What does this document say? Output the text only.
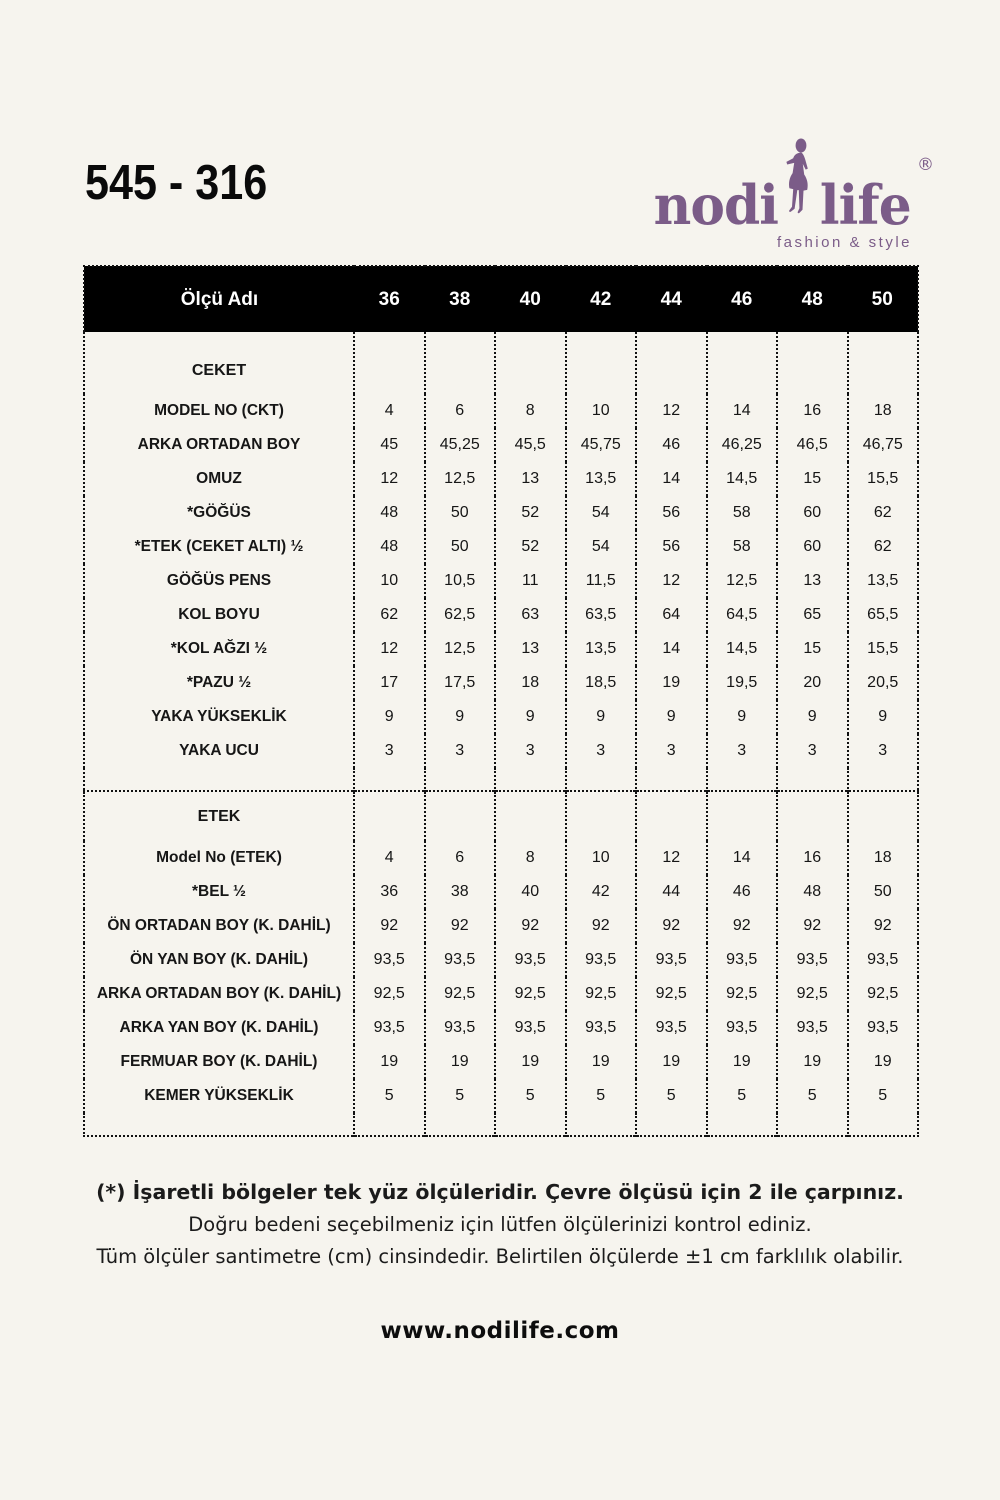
545 - 316	nodi life
®
fashion & style
Ölçü Adı	36	38	40	42	44	46	48	50
CEKET								
MODEL NO (CKT)	4	6	8	10	12	14	16	18
ARKA ORTADAN BOY	45	45,25	45,5	45,75	46	46,25	46,5	46,75
OMUZ	12	12,5	13	13,5	14	14,5	15	15,5
*GÖĞÜS	48	50	52	54	56	58	60	62
*ETEK (CEKET ALTI) ½	48	50	52	54	56	58	60	62
GÖĞÜS PENS	10	10,5	11	11,5	12	12,5	13	13,5
KOL BOYU	62	62,5	63	63,5	64	64,5	65	65,5
*KOL AĞZI ½	12	12,5	13	13,5	14	14,5	15	15,5
*PAZU ½	17	17,5	18	18,5	19	19,5	20	20,5
YAKA YÜKSEKLİK	9	9	9	9	9	9	9	9
YAKA UCU	3	3	3	3	3	3	3	3

ETEK								
Model No (ETEK)	4	6	8	10	12	14	16	18
*BEL ½	36	38	40	42	44	46	48	50
ÖN ORTADAN BOY (K. DAHİL)	92	92	92	92	92	92	92	92
ÖN YAN BOY (K. DAHİL)	93,5	93,5	93,5	93,5	93,5	93,5	93,5	93,5
ARKA ORTADAN BOY (K. DAHİL)	92,5	92,5	92,5	92,5	92,5	92,5	92,5	92,5
ARKA YAN BOY (K. DAHİL)	93,5	93,5	93,5	93,5	93,5	93,5	93,5	93,5
FERMUAR BOY (K. DAHİL)	19	19	19	19	19	19	19	19
KEMER YÜKSEKLİK	5	5	5	5	5	5	5	5

(*) İşaretli bölgeler tek yüz ölçüleridir. Çevre ölçüsü için 2 ile çarpınız.
Doğru bedeni seçebilmeniz için lütfen ölçülerinizi kontrol ediniz.
Tüm ölçüler santimetre (cm) cinsindedir. Belirtilen ölçülerde ±1 cm farklılık olabilir.
www.nodilife.com
